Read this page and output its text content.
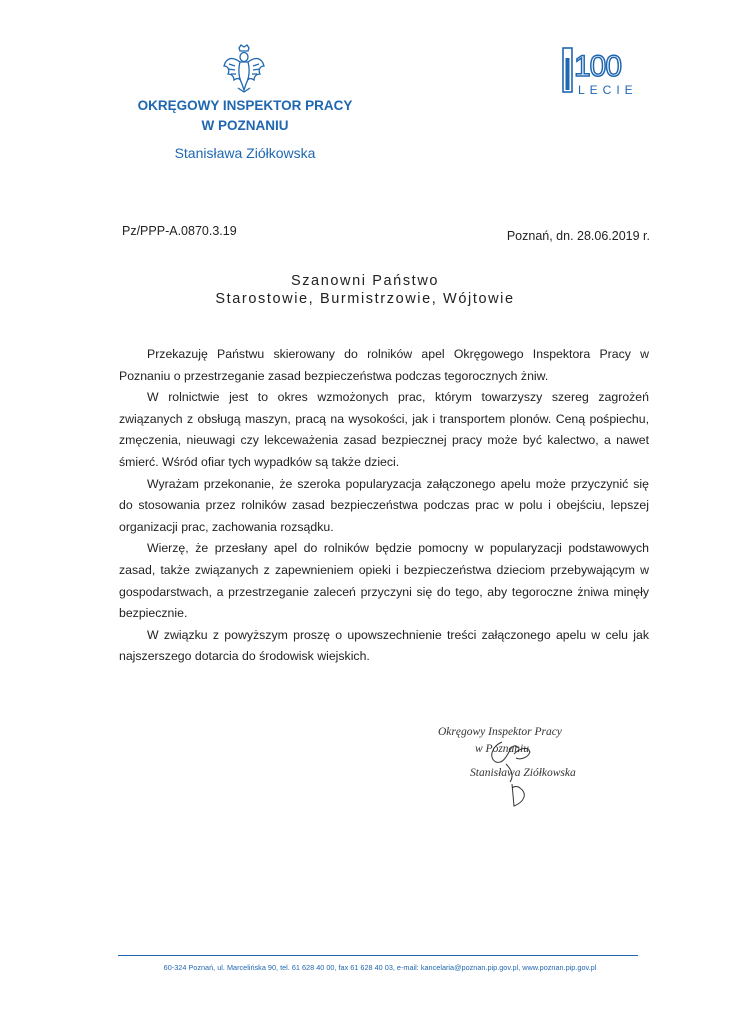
OKRĘGOWY INSPEKTOR PRACY
W POZNANIU
Stanisława Ziółkowska
100
LECIE
Pz/PPP-A.0870.3.19	Poznań, dn. 28.06.2019 r.
Szanowni Państwo
Starostowie, Burmistrzowie, Wójtowie

Przekazuję Państwu skierowany do rolników apel Okręgowego Inspektora Pracy w Poznaniu o przestrzeganie zasad bezpieczeństwa podczas tegorocznych żniw.

W rolnictwie jest to okres wzmożonych prac, którym towarzyszy szereg zagrożeń związanych z obsługą maszyn, pracą na wysokości, jak i transportem plonów. Ceną pośpiechu, zmęczenia, nieuwagi czy lekceważenia zasad bezpiecznej pracy może być kalectwo, a nawet śmierć. Wśród ofiar tych wypadków są także dzieci.

Wyrażam przekonanie, że szeroka popularyzacja załączonego apelu może przyczynić się do stosowania przez rolników zasad bezpieczeństwa podczas prac w polu i obejściu, lepszej organizacji prac, zachowania rozsądku.

Wierzę, że przesłany apel do rolników będzie pomocny w popularyzacji podstawowych zasad, także związanych z zapewnieniem opieki i bezpieczeństwa dzieciom przebywającym w gospodarstwach, a przestrzeganie zaleceń przyczyni się do tego, aby tegoroczne żniwa minęły bezpiecznie.

W związku z powyższym proszę o upowszechnienie treści załączonego apelu w celu jak najszerszego dotarcia do środowisk wiejskich.

Okręgowy Inspektor Pracy
w Poznaniu
Stanisława Ziółkowska
60-324 Poznań, ul. Marcelińska 90, tel. 61 628 40 00, fax 61 628 40 03, e-mail: kancelaria@poznan.pip.gov.pl, www.poznan.pip.gov.pl
